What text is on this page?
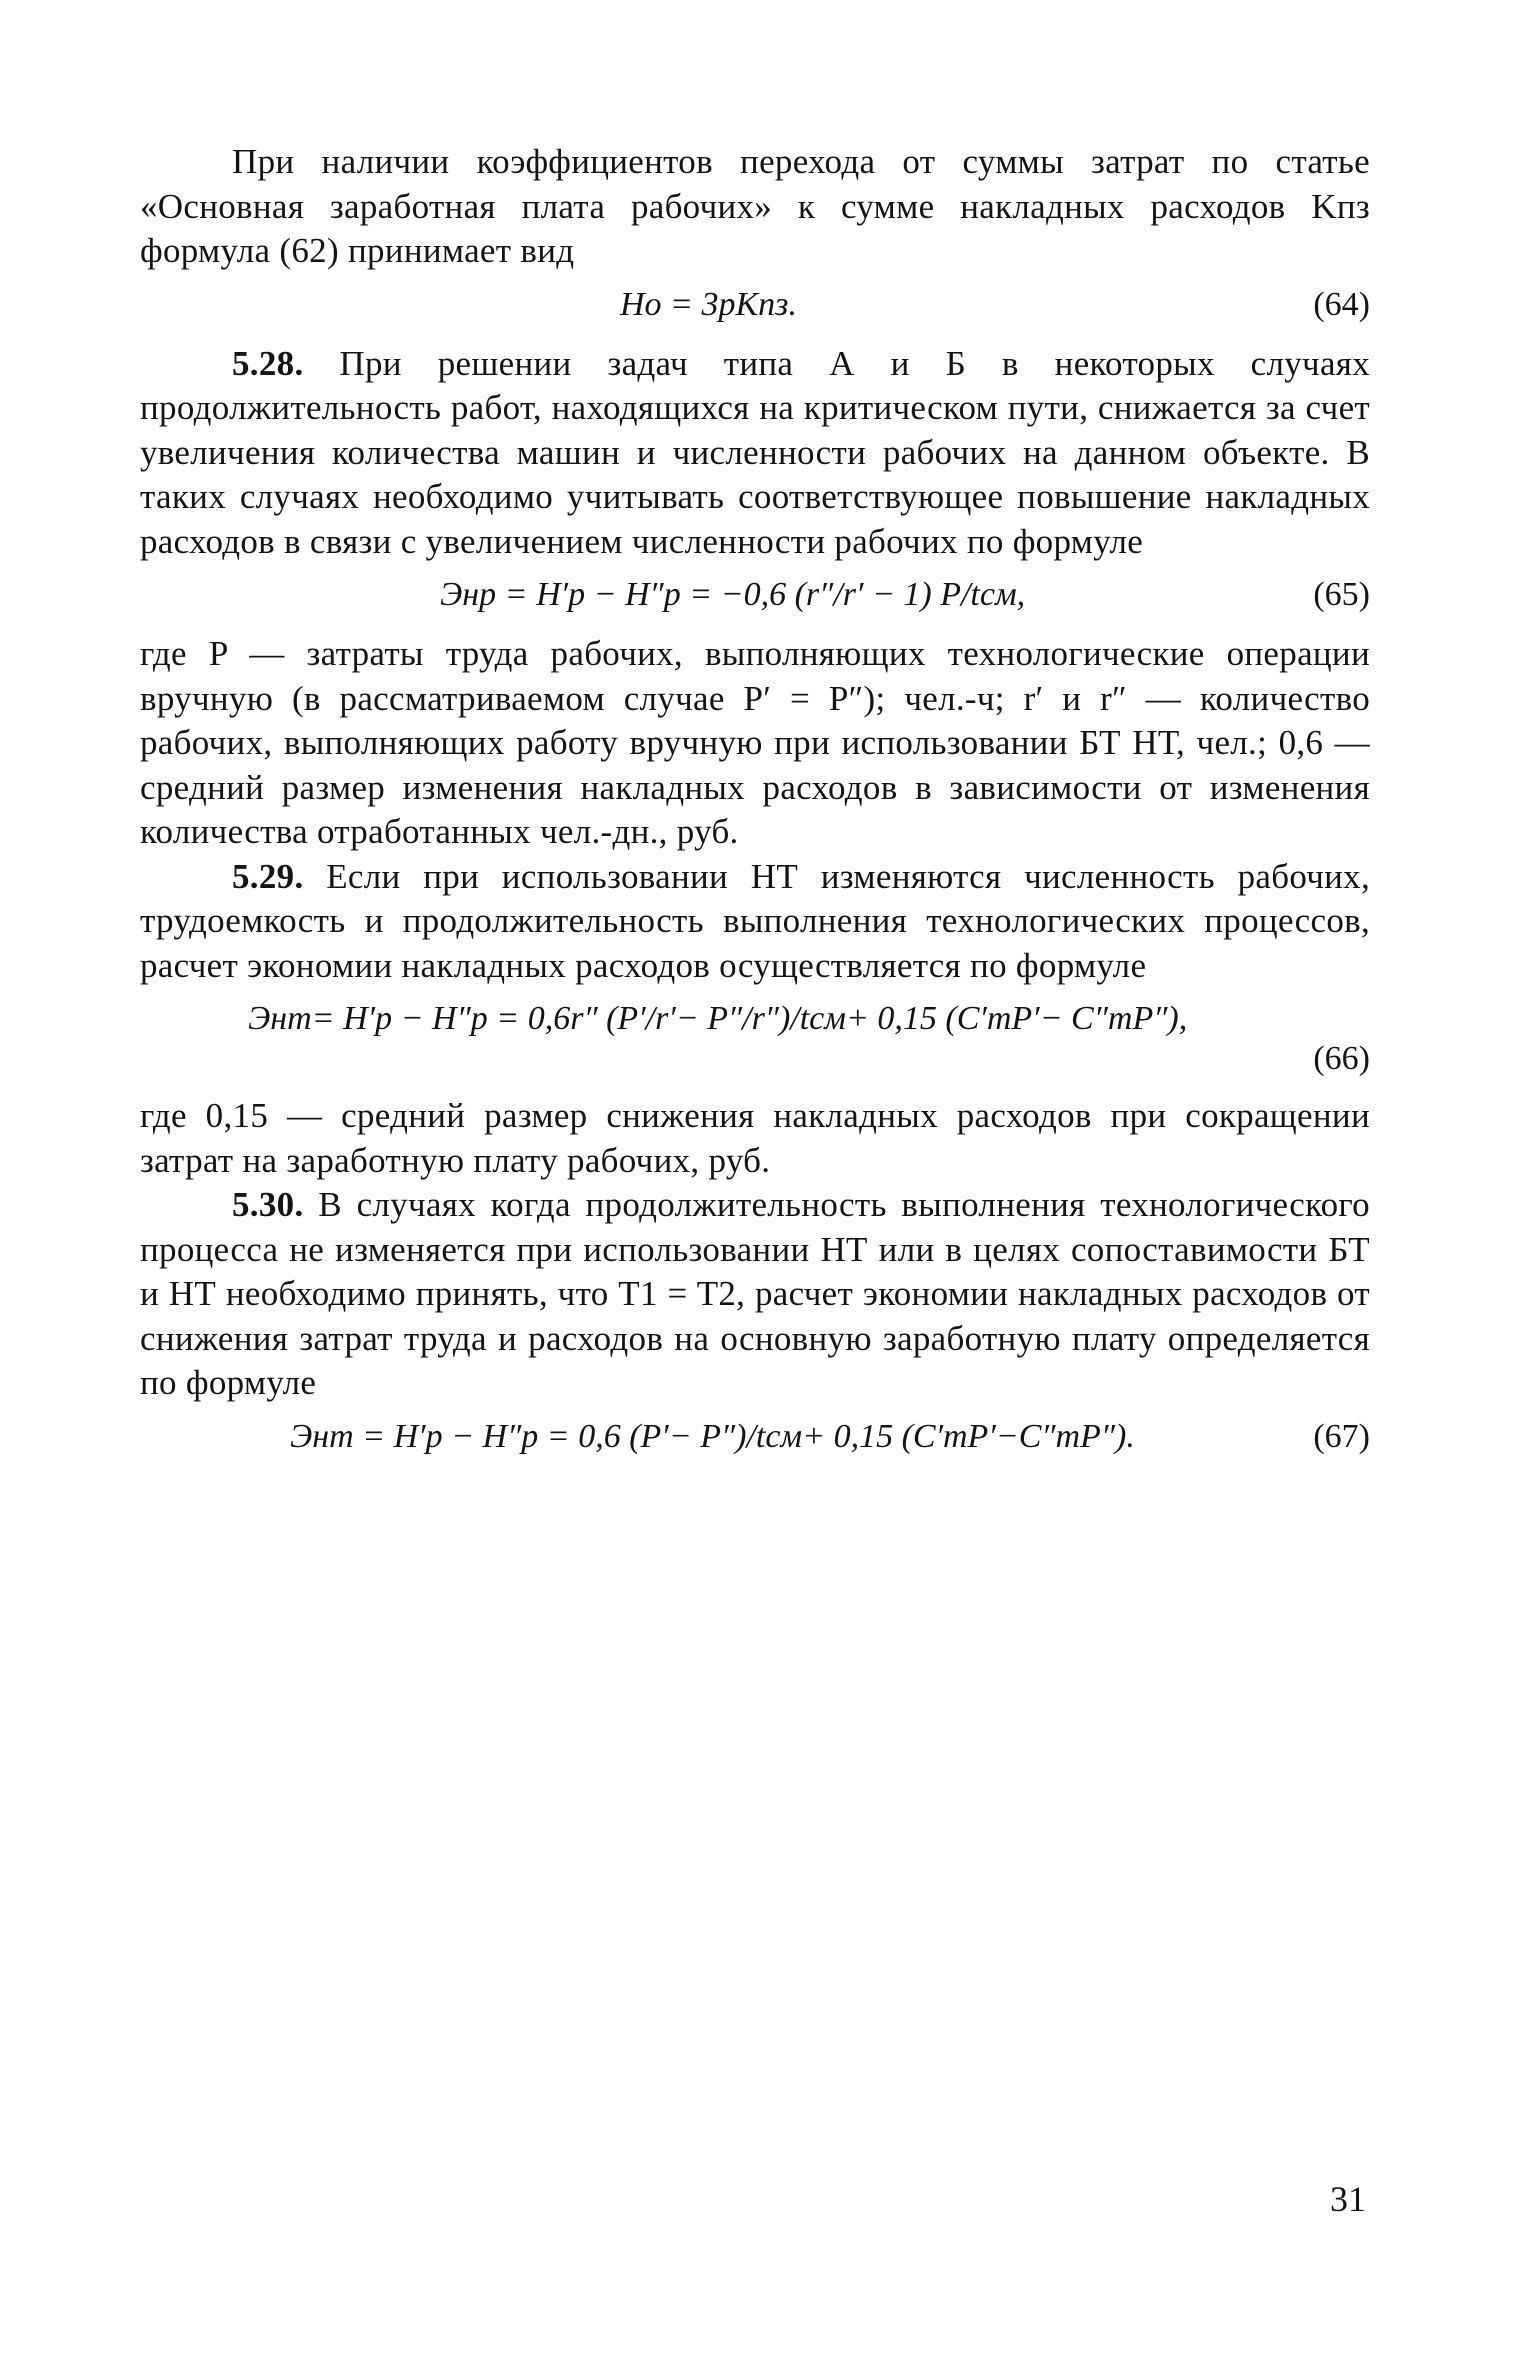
При наличии коэффициентов перехода от суммы затрат по статье «Основная заработная плата рабочих» к сумме накладных расходов Kпз формула (62) принимает вид

Hо = 3рKпз.	(64)

5.28. При решении задач типа А и Б в некоторых случаях продолжительность работ, находящихся на критическом пути, снижается за счет увеличения количества машин и численности рабочих на данном объекте. В таких случаях необходимо учитывать соответствующее повышение накладных расходов в связи с увеличением численности рабочих по формуле

Энр = H′р − H″р = −0,6 (r″/r′ − 1) P/tсм,	(65)

где P — затраты труда рабочих, выполняющих технологические операции вручную (в рассматриваемом случае P′ = P″); чел.-ч; r′ и r″ — количество рабочих, выполняющих работу вручную при использовании БТ НТ, чел.; 0,6 — средний размер изменения накладных расходов в зависимости от изменения количества отработанных чел.-дн., руб.

5.29. Если при использовании НТ изменяются численность рабочих, трудоемкость и продолжительность выполнения технологических процессов, расчет экономии накладных расходов осуществляется по формуле

Энт= H′р − H″р = 0,6r″ (P′/r′− P″/r″)/tсм+ 0,15 (C′тP′− C″тP″),
(66)

где 0,15 — средний размер снижения накладных расходов при сокращении затрат на заработную плату рабочих, руб.

5.30. В случаях когда продолжительность выполнения технологического процесса не изменяется при использовании НТ или в целях сопоставимости БТ и НТ необходимо принять, что T1 = T2, расчет экономии накладных расходов от снижения затрат труда и расходов на основную заработную плату определяется по формуле

Энт = H′р − H″р = 0,6 (P′− P″)/tсм+ 0,15 (C′тP′−C″тP″).	(67)
31
